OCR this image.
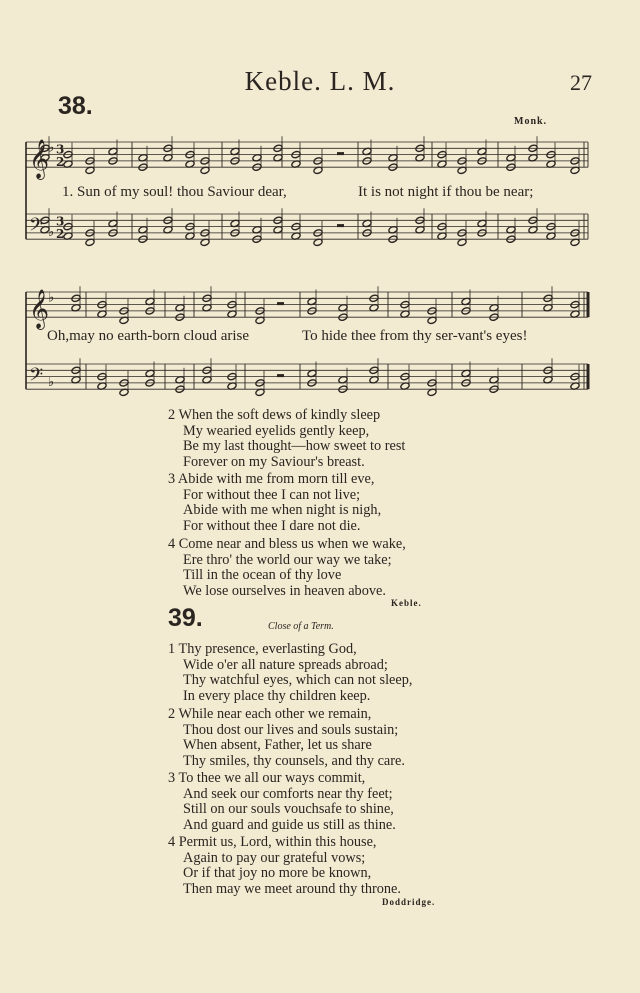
Keble. L. M.	27
38.
Monk.
𝄞
♭ 3
2
𝄢 ♭
3
2
1. Sun of my soul! thou Saviour dear,	It is not night if thou be near;
𝄞
♭
𝄢 ♭
Oh,may no earth-born cloud arise	To hide thee from thy ser-vant's eyes!
2 When the soft dews of kindly sleep
My wearied eyelids gently keep,
Be my last thought—how sweet to rest
Forever on my Saviour's breast.
3 Abide with me from morn till eve,
For without thee I can not live;
Abide with me when night is nigh,
For without thee I dare not die.
4 Come near and bless us when we wake,
Ere thro' the world our way we take;
Till in the ocean of thy love
We lose ourselves in heaven above.
Keble.
39.	Close of a Term.
1 Thy presence, everlasting God,
Wide o'er all nature spreads abroad;
Thy watchful eyes, which can not sleep,
In every place thy children keep.
2 While near each other we remain,
Thou dost our lives and souls sustain;
When absent, Father, let us share
Thy smiles, thy counsels, and thy care.
3 To thee we all our ways commit,
And seek our comforts near thy feet;
Still on our souls vouchsafe to shine,
And guard and guide us still as thine.
4 Permit us, Lord, within this house,
Again to pay our grateful vows;
Or if that joy no more be known,
Then may we meet around thy throne.
Doddridge.
